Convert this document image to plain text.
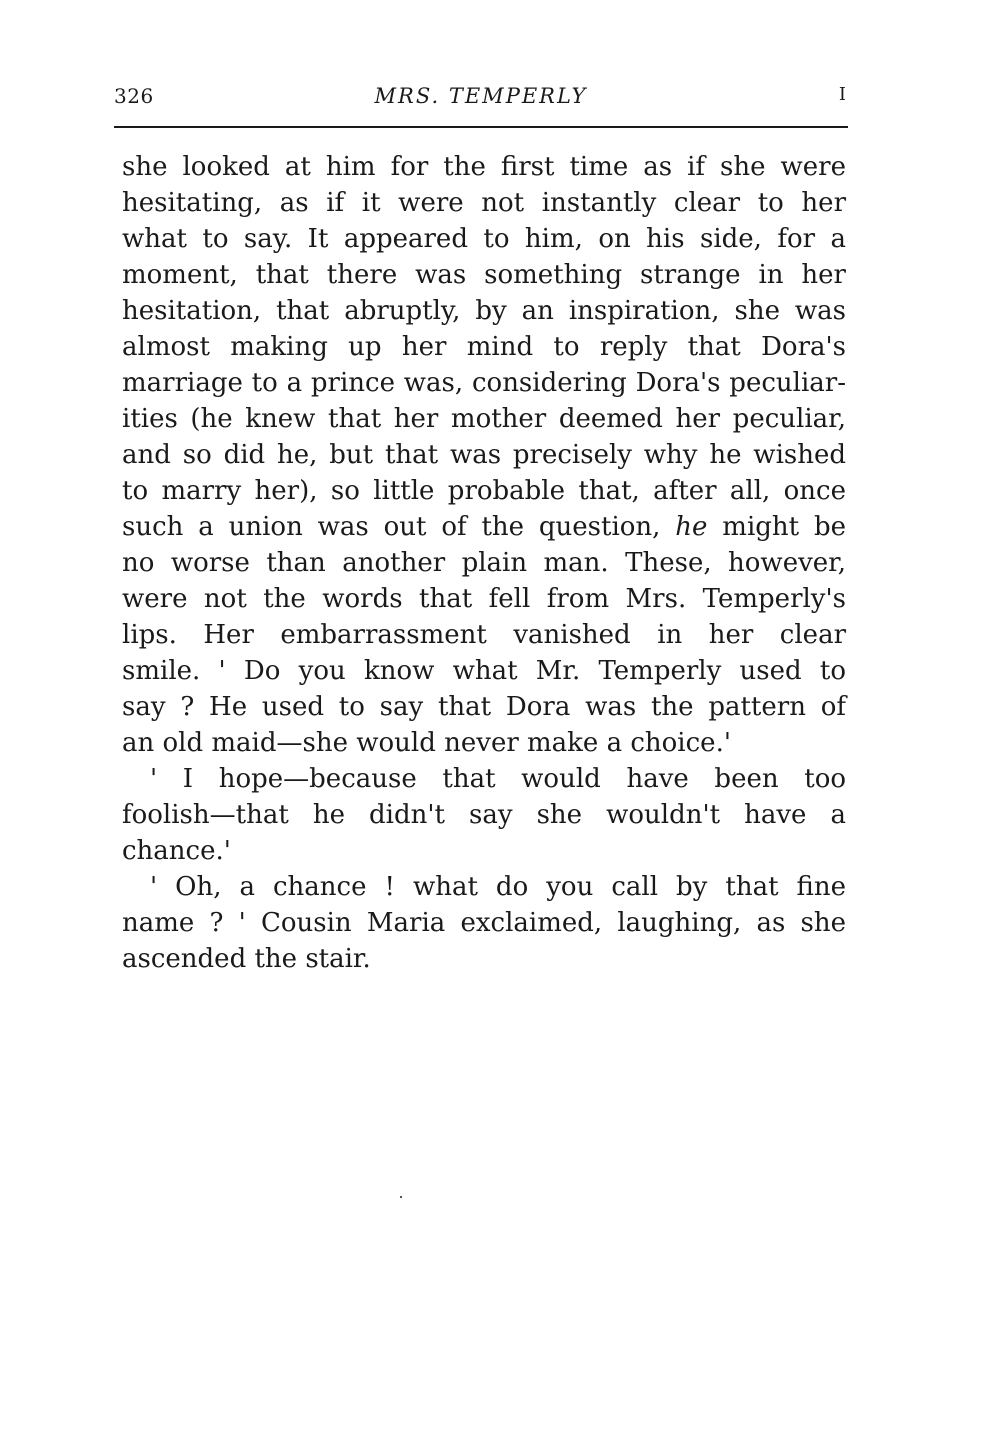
326	MRS. TEMPERLY	I
she looked at him for the first time as if she were
hesitating, as if it were not instantly clear to her
what to say. It appeared to him, on his side, for a
moment, that there was something strange in her
hesitation, that abruptly, by an inspiration, she was
almost making up her mind to reply that Dora's
marriage to a prince was, considering Dora's peculiar-
ities (he knew that her mother deemed her peculiar,
and so did he, but that was precisely why he wished
to marry her), so little probable that, after all, once
such a union was out of the question, he might be
no worse than another plain man. These, however,
were not the words that fell from Mrs. Temperly's
lips. Her embarrassment vanished in her clear
smile. ' Do you know what Mr. Temperly used to
say ? He used to say that Dora was the pattern of
an old maid—she would never make a choice.'
' I hope—because that would have been too
foolish—that he didn't say she wouldn't have a
chance.'
' Oh, a chance ! what do you call by that fine
name ? ' Cousin Maria exclaimed, laughing, as she
ascended the stair.
